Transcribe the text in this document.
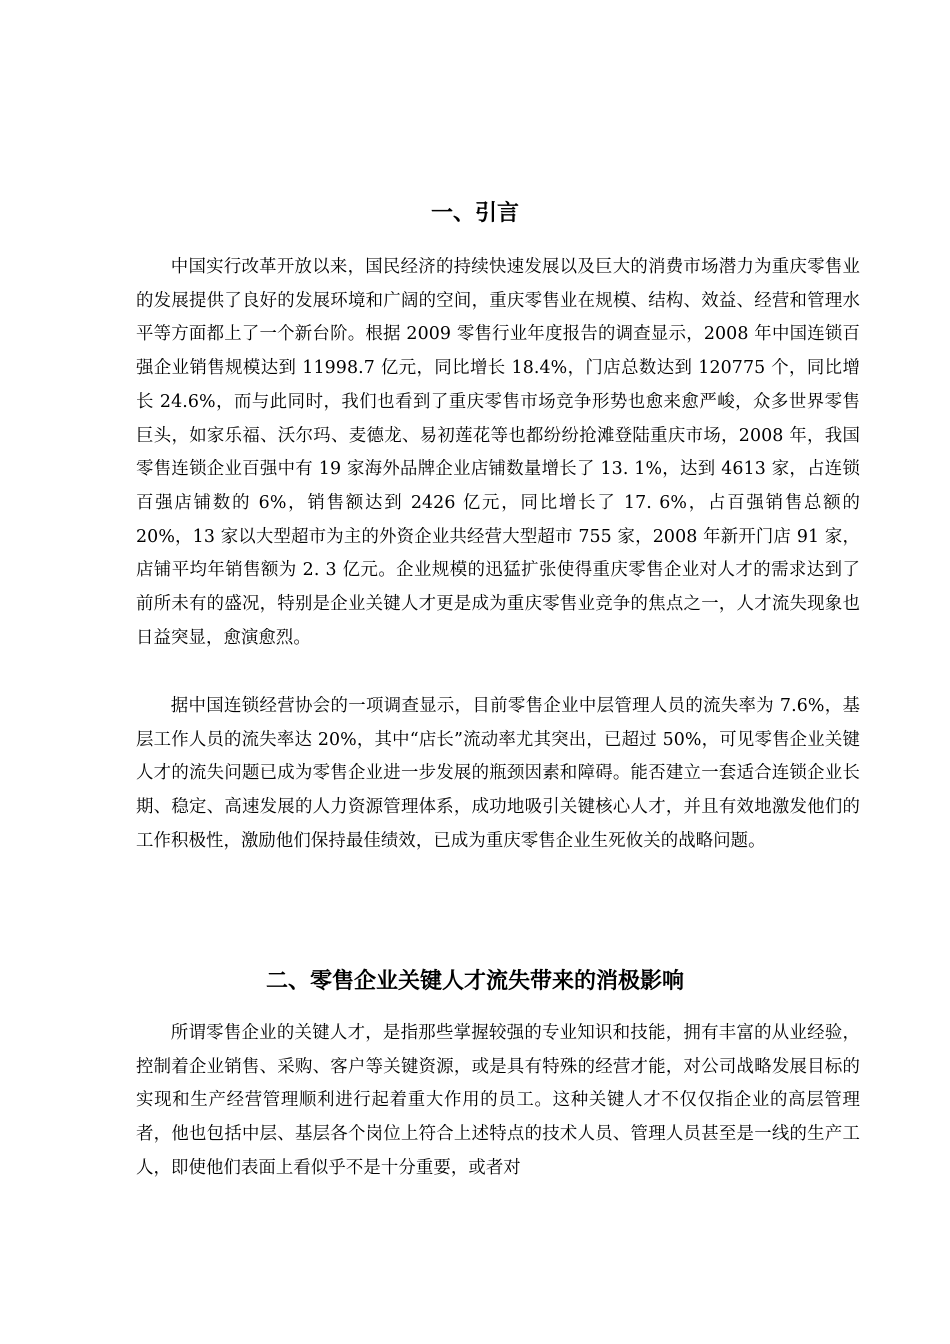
一、引言

中国实行改革开放以来，国民经济的持续快速发展以及巨大的消费市场潜力为重庆零售业的发展提供了良好的发展环境和广阔的空间，重庆零售业在规模、结构、效益、经营和管理水平等方面都上了一个新台阶。根据 2009 零售行业年度报告的调查显示，2008 年中国连锁百强企业销售规模达到 11998.7 亿元，同比增长 18.4%，门店总数达到 120775 个，同比增长 24.6%，而与此同时，我们也看到了重庆零售市场竞争形势也愈来愈严峻，众多世界零售巨头，如家乐福、沃尔玛、麦德龙、易初莲花等也都纷纷抢滩登陆重庆市场，2008 年，我国零售连锁企业百强中有 19 家海外品牌企业店铺数量增长了 13. 1%，达到 4613 家，占连锁百强店铺数的 6%，销售额达到 2426 亿元，同比增长了 17. 6%，占百强销售总额的 20%，13 家以大型超市为主的外资企业共经营大型超市 755 家，2008 年新开门店 91 家，店铺平均年销售额为 2. 3 亿元。企业规模的迅猛扩张使得重庆零售企业对人才的需求达到了前所未有的盛况，特别是企业关键人才更是成为重庆零售业竞争的焦点之一，人才流失现象也日益突显，愈演愈烈。

据中国连锁经营协会的一项调查显示，目前零售企业中层管理人员的流失率为 7.6%，基层工作人员的流失率达 20%，其中“店长”流动率尤其突出，已超过 50%，可见零售企业关键人才的流失问题已成为零售企业进一步发展的瓶颈因素和障碍。能否建立一套适合连锁企业长期、稳定、高速发展的人力资源管理体系，成功地吸引关键核心人才，并且有效地激发他们的工作积极性，激励他们保持最佳绩效，已成为重庆零售企业生死攸关的战略问题。

二、零售企业关键人才流失带来的消极影响

所谓零售企业的关键人才，是指那些掌握较强的专业知识和技能，拥有丰富的从业经验，控制着企业销售、采购、客户等关键资源，或是具有特殊的经营才能，对公司战略发展目标的实现和生产经营管理顺利进行起着重大作用的员工。这种关键人才不仅仅指企业的高层管理者，他也包括中层、基层各个岗位上符合上述特点的技术人员、管理人员甚至是一线的生产工人，即使他们表面上看似乎不是十分重要，或者对
